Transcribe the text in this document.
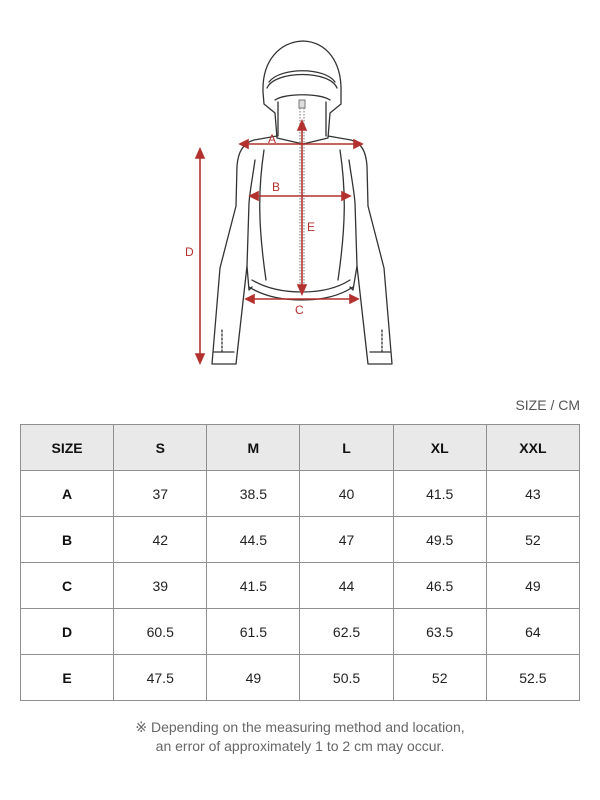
A
B
C
D
E
SIZE / CM
SIZE	S	M	L	XL	XXL
A	37	38.5	40	41.5	43
B	42	44.5	47	49.5	52
C	39	41.5	44	46.5	49
D	60.5	61.5	62.5	63.5	64
E	47.5	49	50.5	52	52.5
※ Depending on the measuring method and location,
an error of approximately 1 to 2 cm may occur.
